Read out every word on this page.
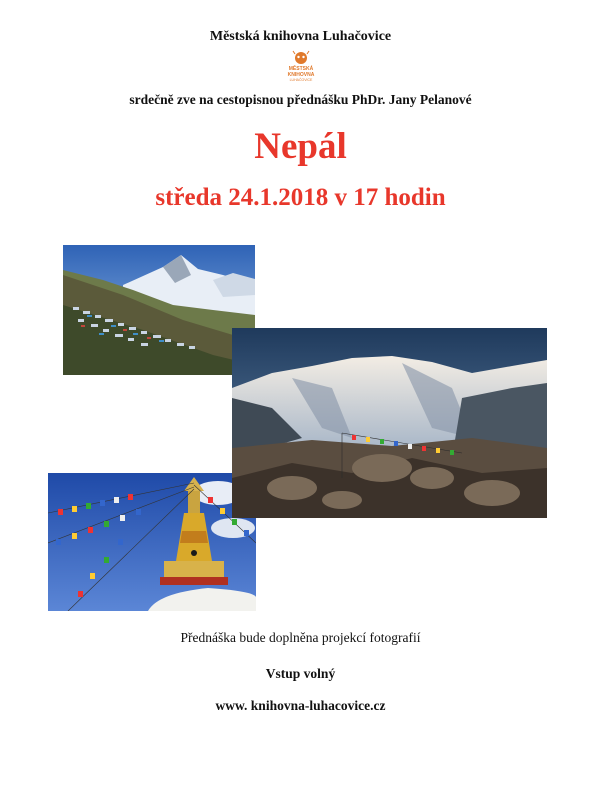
Městská knihovna Luhačovice
MĚSTSKÁ
KNIHOVNA
LUHAČOVICE
srdečně zve na cestopisnou přednášku PhDr. Jany Pelanové
Nepál
středa 24.1.2018 v 17 hodin
Přednáška bude doplněna projekcí fotografií
Vstup volný
www. knihovna-luhacovice.cz
